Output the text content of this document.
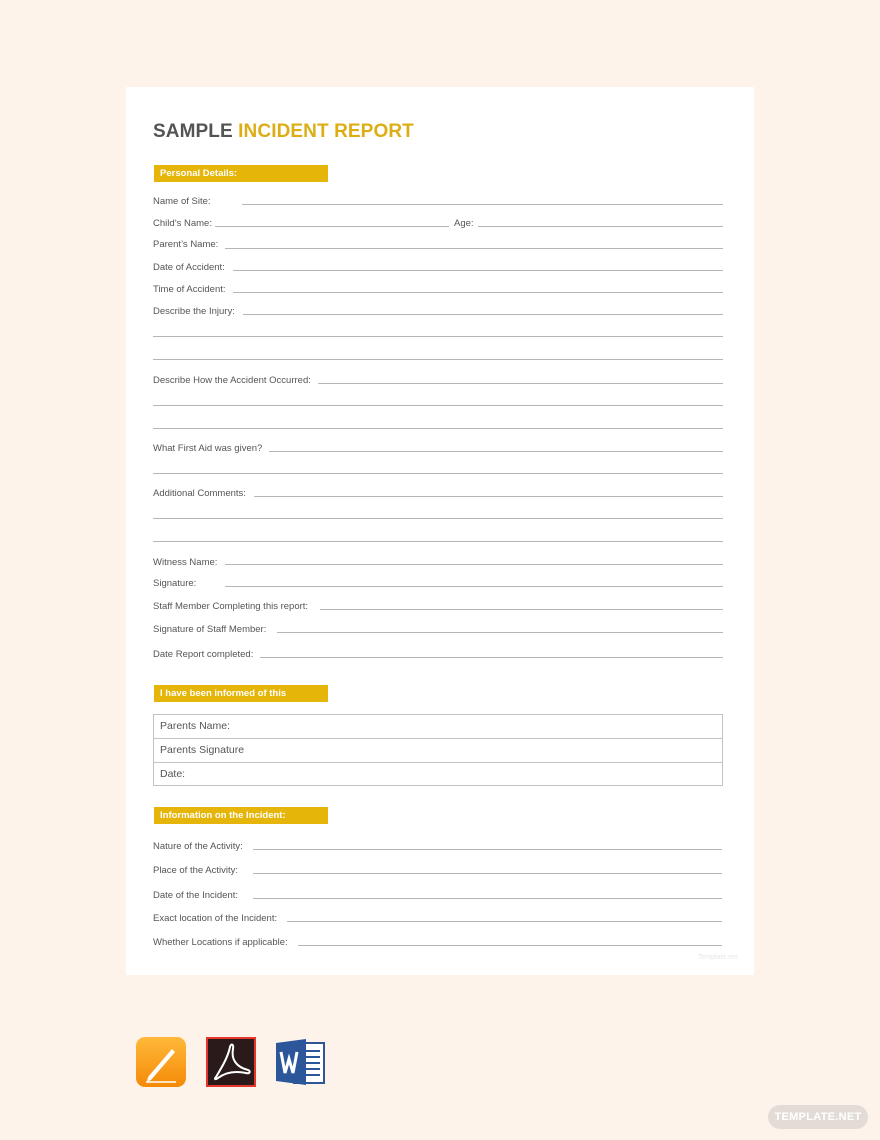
SAMPLE INCIDENT REPORT
Personal Details:
Name of Site:
Child’s Name:	Age:
Parent’s Name:
Date of Accident:
Time of Accident:
Describe the Injury:
Describe How the Accident Occurred:
What First Aid was given?
Additional Comments:
Witness Name:
Signature:
Staff Member Completing this report:
Signature of Staff Member:
Date Report completed:
I have been informed of this accident:
Parents Name:
Parents Signature
Date:
Information on the Incident:
Nature of the Activity:
Place of the Activity:
Date of the Incident:
Exact location of the Incident:
Whether Locations if applicable:
Template.net
TEMPLATE.NET
